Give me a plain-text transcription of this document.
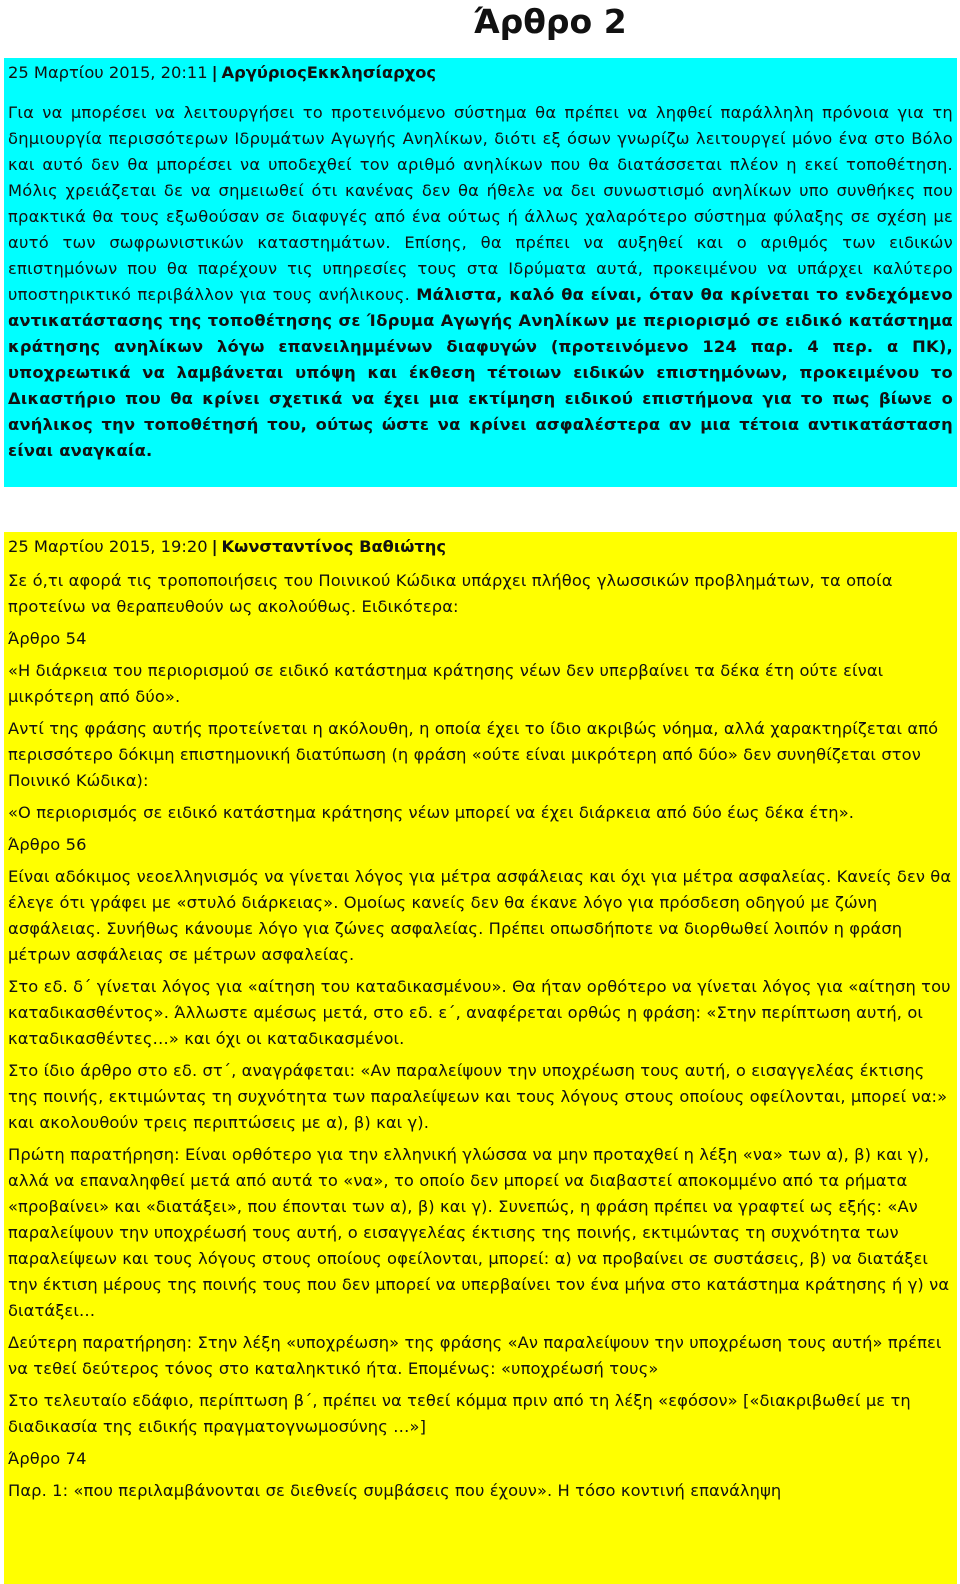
Άρθρο 2

25 Μαρτίου 2015, 20:11 | ΑργύριοςΕκκλησίαρχος

Για να μπορέσει να λειτουργήσει το προτεινόμενο σύστημα θα πρέπει να ληφθεί παράλληλη πρόνοια για τη δημιουργία περισσότερων Ιδρυμάτων Αγωγής Ανηλίκων, διότι εξ όσων γνωρίζω λειτουργεί μόνο ένα στο Βόλο και αυτό δεν θα μπορέσει να υποδεχθεί τον αριθμό ανηλίκων που θα διατάσσεται πλέον η εκεί τοποθέτηση. Μόλις χρειάζεται δε να σημειωθεί ότι κανένας δεν θα ήθελε να δει συνωστισμό ανηλίκων υπο συνθήκες που πρακτικά θα τους εξωθούσαν σε διαφυγές από ένα ούτως ή άλλως χαλαρότερο σύστημα φύλαξης σε σχέση με αυτό των σωφρωνιστικών καταστημάτων. Επίσης, θα πρέπει να αυξηθεί και ο αριθμός των ειδικών επιστημόνων που θα παρέχουν τις υπηρεσίες τους στα Ιδρύματα αυτά, προκειμένου να υπάρχει καλύτερο υποστηρικτικό περιβάλλον για τους ανήλικους. Μάλιστα, καλό θα είναι, όταν θα κρίνεται το ενδεχόμενο αντικατάστασης της τοποθέτησης σε Ίδρυμα Αγωγής Ανηλίκων με περιορισμό σε ειδικό κατάστημα κράτησης ανηλίκων λόγω επανειλημμένων διαφυγών (προτεινόμενο 124 παρ. 4 περ. α ΠΚ), υποχρεωτικά να λαμβάνεται υπόψη και έκθεση τέτοιων ειδικών επιστημόνων, προκειμένου το Δικαστήριο που θα κρίνει σχετικά να έχει μια εκτίμηση ειδικού επιστήμονα για το πως βίωνε ο ανήλικος την τοποθέτησή του, ούτως ώστε να κρίνει ασφαλέστερα αν μια τέτοια αντικατάσταση είναι αναγκαία.

25 Μαρτίου 2015, 19:20 | Κωνσταντίνος Βαθιώτης

Σε ό,τι αφορά τις τροποποιήσεις του Ποινικού Κώδικα υπάρχει πλήθος γλωσσικών προβλημάτων, τα οποία προτείνω να θεραπευθούν ως ακολούθως. Ειδικότερα:

Άρθρο 54

«Η διάρκεια του περιορισμού σε ειδικό κατάστημα κράτησης νέων δεν υπερβαίνει τα δέκα έτη ούτε είναι μικρότερη από δύο».

Αντί της φράσης αυτής προτείνεται η ακόλουθη, η οποία έχει το ίδιο ακριβώς νόημα, αλλά χαρακτηρίζεται από περισσότερο δόκιμη επιστημονική διατύπωση (η φράση «ούτε είναι μικρότερη από δύο» δεν συνηθίζεται στον Ποινικό Κώδικα):

«Ο περιορισμός σε ειδικό κατάστημα κράτησης νέων μπορεί να έχει διάρκεια από δύο έως δέκα έτη».

Άρθρο 56

Είναι αδόκιμος νεοελληνισμός να γίνεται λόγος για μέτρα ασφάλειας και όχι για μέτρα ασφαλείας. Κανείς δεν θα έλεγε ότι γράφει με «στυλό διάρκειας». Ομοίως κανείς δεν θα έκανε λόγο για πρόσδεση οδηγού με ζώνη ασφάλειας. Συνήθως κάνουμε λόγο για ζώνες ασφαλείας. Πρέπει οπωσδήποτε να διορθωθεί λοιπόν η φράση μέτρων ασφάλειας σε μέτρων ασφαλείας.

Στο εδ. δ΄ γίνεται λόγος για «αίτηση του καταδικασμένου». Θα ήταν ορθότερο να γίνεται λόγος για «αίτηση του καταδικασθέντος». Άλλωστε αμέσως μετά, στο εδ. ε΄, αναφέρεται ορθώς η φράση: «Στην περίπτωση αυτή, οι καταδικασθέντες…» και όχι οι καταδικασμένοι.

Στο ίδιο άρθρο στο εδ. στ΄, αναγράφεται: «Αν παραλείψουν την υποχρέωση τους αυτή, ο εισαγγελέας έκτισης της ποινής, εκτιμώντας τη συχνότητα των παραλείψεων και τους λόγους στους οποίους οφείλονται, μπορεί να:» και ακολουθούν τρεις περιπτώσεις με α), β) και γ).

Πρώτη παρατήρηση: Είναι ορθότερο για την ελληνική γλώσσα να μην προταχθεί η λέξη «να» των α), β) και γ), αλλά να επαναληφθεί μετά από αυτά το «να», το οποίο δεν μπορεί να διαβαστεί αποκομμένο από τα ρήματα «προβαίνει» και «διατάξει», που έπονται των α), β) και γ). Συνεπώς, η φράση πρέπει να γραφτεί ως εξής: «Αν παραλείψουν την υποχρέωσή τους αυτή, ο εισαγγελέας έκτισης της ποινής, εκτιμώντας τη συχνότητα των παραλείψεων και τους λόγους στους οποίους οφείλονται, μπορεί: α) να προβαίνει σε συστάσεις, β) να διατάξει την έκτιση μέρους της ποινής τους που δεν μπορεί να υπερβαίνει τον ένα μήνα στο κατάστημα κράτησης ή γ) να διατάξει…

Δεύτερη παρατήρηση: Στην λέξη «υποχρέωση» της φράσης «Αν παραλείψουν την υποχρέωση τους αυτή» πρέπει να τεθεί δεύτερος τόνος στο καταληκτικό ήτα. Επομένως: «υποχρέωσή τους»

Στο τελευταίο εδάφιο, περίπτωση β΄, πρέπει να τεθεί κόμμα πριν από τη λέξη «εφόσον» [«διακριβωθεί με τη διαδικασία της ειδικής πραγματογνωμοσύνης …»]

Άρθρο 74

Παρ. 1: «που περιλαμβάνονται σε διεθνείς συμβάσεις που έχουν». Η τόσο κοντινή επανάληψη
